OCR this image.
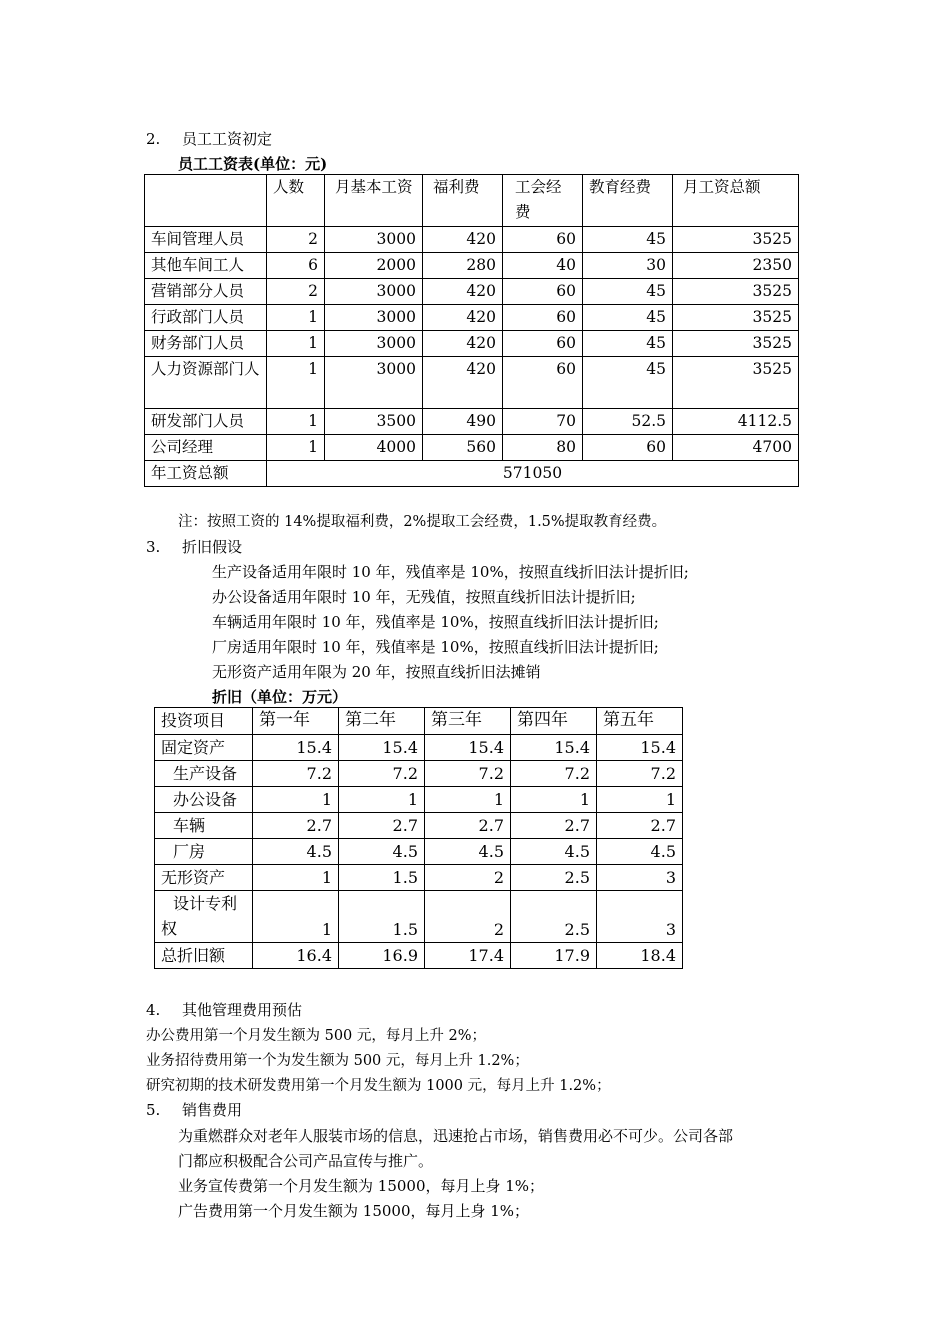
2. 员工工资初定
员工工资表(单位：元)
	人数	月基本工资	福利费	工会经费	教育经费	月工资总额
车间管理人员	2	3000	420	60	45	3525
其他车间工人	6	2000	280	40	30	2350
营销部分人员	2	3000	420	60	45	3525
行政部门人员	1	3000	420	60	45	3525
财务部门人员	1	3000	420	60	45	3525
人力资源部门人	1	3000	420	60	45	3525
研发部门人员	1	3500	490	70	52.5	4112.5
公司经理	1	4000	560	80	60	4700
年工资总额	571050					
注：按照工资的 14%提取福利费，2%提取工会经费，1.5%提取教育经费。
3. 折旧假设
生产设备适用年限时 10 年，残值率是 10%，按照直线折旧法计提折旧;
办公设备适用年限时 10 年，无残值，按照直线折旧法计提折旧;
车辆适用年限时 10 年，残值率是 10%，按照直线折旧法计提折旧;
厂房适用年限时 10 年，残值率是 10%，按照直线折旧法计提折旧;
无形资产适用年限为 20 年，按照直线折旧法摊销
折旧（单位：万元）
投资项目	第一年	第二年	第三年	第四年	第五年
固定资产	15.4	15.4	15.4	15.4	15.4
生产设备	7.2	7.2	7.2	7.2	7.2
办公设备	1	1	1	1	1
车辆	2.7	2.7	2.7	2.7	2.7
厂房	4.5	4.5	4.5	4.5	4.5
无形资产	1	1.5	2	2.5	3
设计专利权	1	1.5	2	2.5	3
总折旧额	16.4	16.9	17.4	17.9	18.4
4. 其他管理费用预估
办公费用第一个月发生额为 500 元，每月上升 2%；
业务招待费用第一个为发生额为 500 元，每月上升 1.2%；
研究初期的技术研发费用第一个月发生额为 1000 元，每月上升 1.2%；
5. 销售费用
为重燃群众对老年人服装市场的信息，迅速抢占市场，销售费用必不可少。公司各部
门都应积极配合公司产品宣传与推广。
业务宣传费第一个月发生额为 15000，每月上身 1%；
广告费用第一个月发生额为 15000，每月上身 1%；
